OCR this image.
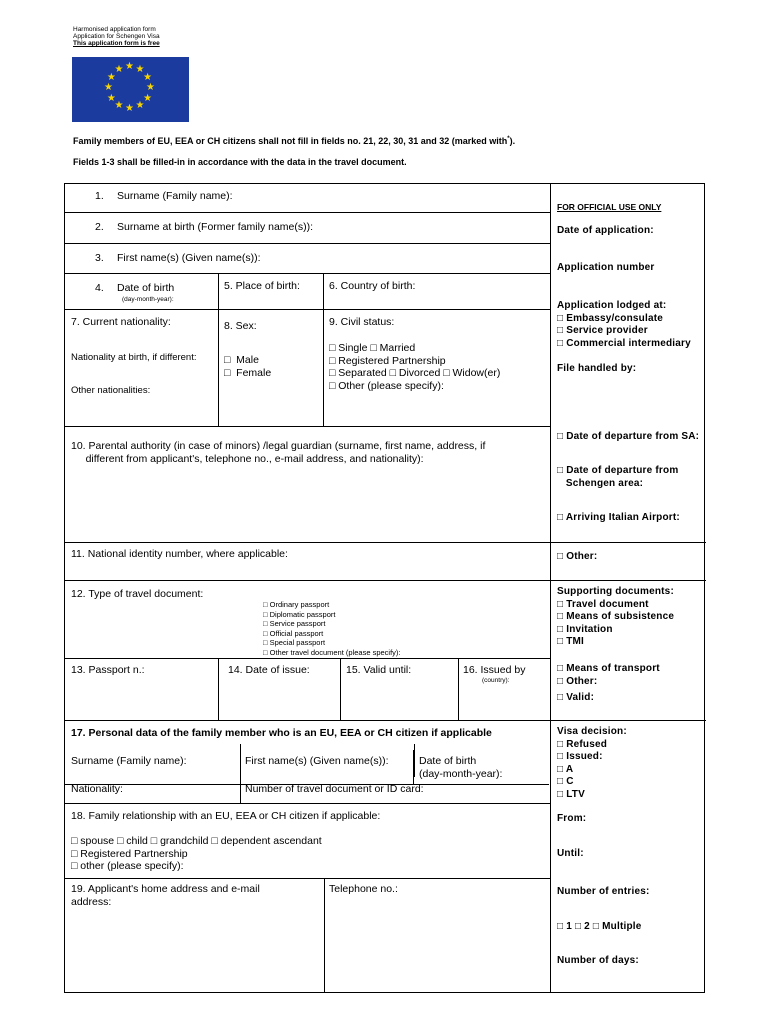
Harmonised application form
Application for Schengen Visa
This application form is free
★ ★
★
★
★
★
★
★
★
★
★
★
Family members of EU, EEA or CH citizens shall not fill in fields no. 21, 22, 30, 31 and 32 (marked with*).
Fields 1-3 shall be filled-in in accordance with the data in the travel document.
1. Surname (Family name):
2. Surname at birth (Former family name(s)):
3. First name(s) (Given name(s)):
4. Date of birth
(day-month-year):
5. Place of birth:	6. Country of birth:
7. Current nationality:
Nationality at birth, if different:
Other nationalities:
8. Sex:
□  Male
□  Female
9. Civil status:
□ Single □ Married
□ Registered Partnership
□ Separated □ Divorced □ Widow(er)
□ Other (please specify):
10. Parental authority (in case of minors) /legal guardian (surname, first name, address, if
different from applicant's, telephone no., e-mail address, and nationality):
11. National identity number, where applicable:
12. Type of travel document:
□ Ordinary passport
□ Diplomatic passport
□ Service passport
□ Official passport
□ Special passport
□ Other travel document (please specify):
13. Passport n.:	14. Date of issue:	15. Valid until:	16. Issued by
(country):
17. Personal data of the family member who is an EU, EEA or CH citizen if applicable
Surname (Family name):	First name(s) (Given name(s)):	Date of birth
(day-month-year):
Nationality:	Number of travel document or ID card:
18. Family relationship with an EU, EEA or CH citizen if applicable:
□ spouse □ child □ grandchild □ dependent ascendant
□ Registered Partnership
□ other (please specify):
19. Applicant's home address and e-mail
address:
Telephone no.:
FOR OFFICIAL USE ONLY
Date of application:
Application number
Application lodged at:
□ Embassy/consulate
□ Service provider
□ Commercial intermediary
File handled by:
□ Date of departure from SA:
□ Date of departure from
Schengen area:
□ Arriving Italian Airport:
□ Other:
Supporting documents:
□ Travel document
□ Means of subsistence
□ Invitation
□ TMI
□ Means of transport
□ Other:
□ Valid:
Visa decision:
□ Refused
□ Issued:
□ A
□ C
□ LTV
From:
Until:
Number of entries:
□ 1 □ 2 □ Multiple
Number of days:
